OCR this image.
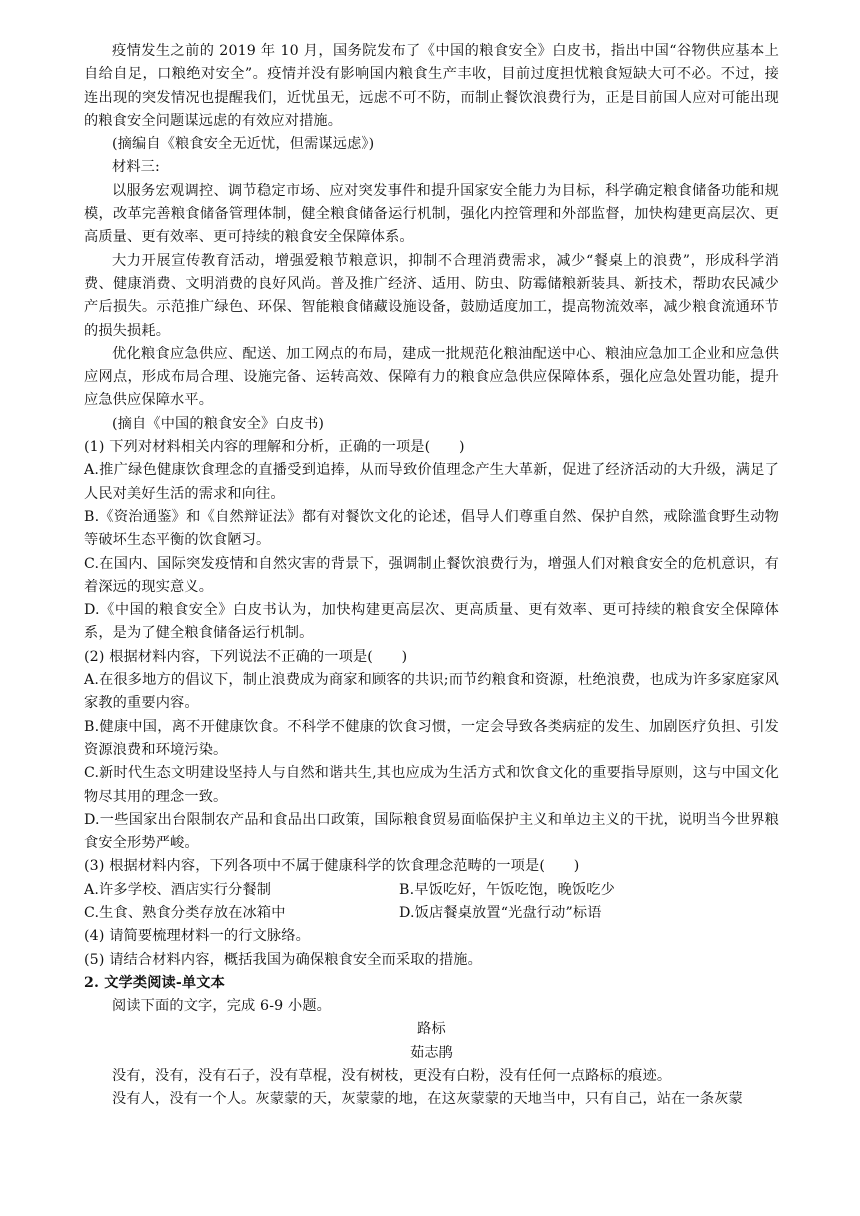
疫情发生之前的 2019 年 10 月，国务院发布了《中国的粮食安全》白皮书，指出中国“谷物供应基本上自给自足，口粮绝对安全”。疫情并没有影响国内粮食生产丰收，目前过度担忧粮食短缺大可不必。不过，接连出现的突发情况也提醒我们，近忧虽无，远虑不可不防，而制止餐饮浪费行为，正是目前国人应对可能出现的粮食安全问题谋远虑的有效应对措施。

(摘编自《粮食安全无近忧，但需谋远虑》)

材料三:

以服务宏观调控、调节稳定市场、应对突发事件和提升国家安全能力为目标，科学确定粮食储备功能和规模，改革完善粮食储备管理体制，健全粮食储备运行机制，强化内控管理和外部监督，加快构建更高层次、更高质量、更有效率、更可持续的粮食安全保障体系。

大力开展宣传教育活动，增强爱粮节粮意识，抑制不合理消费需求，减少“餐桌上的浪费”，形成科学消费、健康消费、文明消费的良好风尚。普及推广经济、适用、防虫、防霉储粮新装具、新技术，帮助农民减少产后损失。示范推广绿色、环保、智能粮食储藏设施设备，鼓励适度加工，提高物流效率，减少粮食流通环节的损失损耗。

优化粮食应急供应、配送、加工网点的布局，建成一批规范化粮油配送中心、粮油应急加工企业和应急供应网点，形成布局合理、设施完备、运转高效、保障有力的粮食应急供应保障体系，强化应急处置功能，提升应急供应保障水平。

(摘自《中国的粮食安全》白皮书)

(1) 下列对材料相关内容的理解和分析，正确的一项是(　　)

A.推广绿色健康饮食理念的直播受到追捧，从而导致价值理念产生大革新，促进了经济活动的大升级，满足了人民对美好生活的需求和向往。

B.《资治通鉴》和《自然辩证法》都有对餐饮文化的论述，倡导人们尊重自然、保护自然，戒除滥食野生动物等破坏生态平衡的饮食陋习。

C.在国内、国际突发疫情和自然灾害的背景下，强调制止餐饮浪费行为，增强人们对粮食安全的危机意识，有着深远的现实意义。

D.《中国的粮食安全》白皮书认为，加快构建更高层次、更高质量、更有效率、更可持续的粮食安全保障体系，是为了健全粮食储备运行机制。

(2) 根据材料内容，下列说法不正确的一项是(　　)

A.在很多地方的倡议下，制止浪费成为商家和顾客的共识;而节约粮食和资源，杜绝浪费，也成为许多家庭家风家教的重要内容。

B.健康中国，离不开健康饮食。不科学不健康的饮食习惯，一定会导致各类病症的发生、加剧医疗负担、引发资源浪费和环境污染。

C.新时代生态文明建设坚持人与自然和谐共生,其也应成为生活方式和饮食文化的重要指导原则，这与中国文化物尽其用的理念一致。

D.一些国家出台限制农产品和食品出口政策，国际粮食贸易面临保护主义和单边主义的干扰，说明当今世界粮食安全形势严峻。

(3) 根据材料内容，下列各项中不属于健康科学的饮食理念范畴的一项是(　　)

A.许多学校、酒店实行分餐制	B.早饭吃好，午饭吃饱，晚饭吃少
C.生食、熟食分类存放在冰箱中	D.饭店餐桌放置“光盘行动”标语

(4) 请简要梳理材料一的行文脉络。

(5) 请结合材料内容，概括我国为确保粮食安全而采取的措施。

2. 文学类阅读-单文本

阅读下面的文字，完成 6-9 小题。

路标

茹志鹃

没有，没有，没有石子，没有草棍，没有树枝，更没有白粉，没有任何一点路标的痕迹。

没有人，没有一个人。灰蒙蒙的天，灰蒙蒙的地，在这灰蒙蒙的天地当中，只有自己，站在一条灰蒙
